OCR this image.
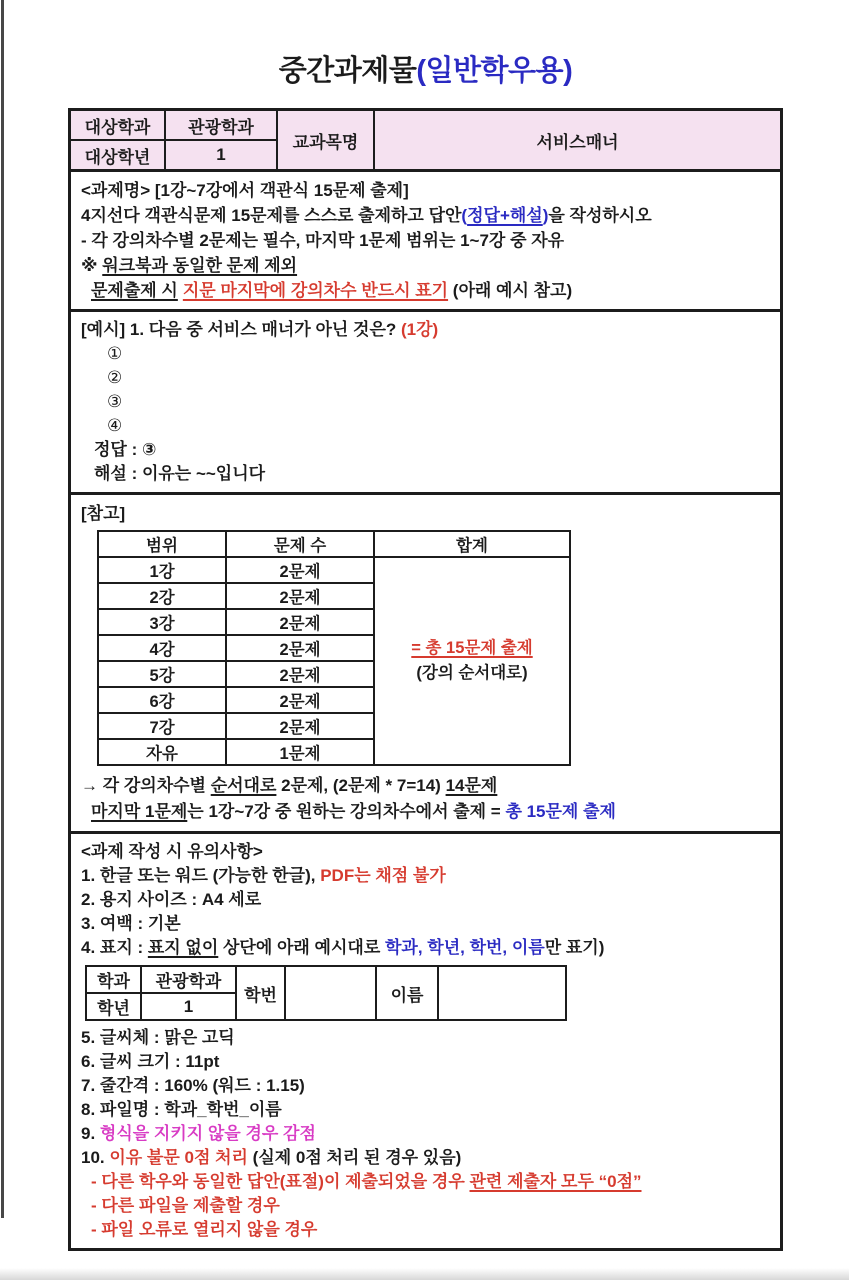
중간과제물(일반학우용)
대상학과	관광학과	교과목명	서비스매너
대상학년	1		
<과제명> [1강~7강에서 객관식 15문제 출제]
4지선다 객관식문제 15문제를 스스로 출제하고 답안(정답+해설)을 작성하시오
- 각 강의차수별 2문제는 필수, 마지막 1문제 범위는 1~7강 중 자유
※ 워크북과 동일한 문제 제외
문제출제 시 지문 마지막에 강의차수 반드시 표기 (아래 예시 참고)
[예시] 1. 다음 중 서비스 매너가 아닌 것은? (1강)
①
②
③
④
정답 : ③
해설 : 이유는 ~~입니다
[참고]
범위	문제 수	합계
1강	2문제	= 총 15문제 출제
(강의 순서대로)

2강	2문제	
3강	2문제	
4강	2문제	
5강	2문제	
6강	2문제	
7강	2문제	
자유	1문제	
→ 각 강의차수별 순서대로 2문제, (2문제 * 7=14) 14문제
마지막 1문제는 1강~7강 중 원하는 강의차수에서 출제 = 총 15문제 출제
<과제 작성 시 유의사항>
1. 한글 또는 워드 (가능한 한글), PDF는 채점 불가
2. 용지 사이즈 : A4 세로
3. 여백 : 기본
4. 표지 : 표지 없이 상단에 아래 예시대로 학과, 학년, 학번, 이름만 표기)
학과	관광학과	학번		이름	
학년	1				
5. 글씨체 : 맑은 고딕
6. 글씨 크기 : 11pt
7. 줄간격 : 160% (워드 : 1.15)
8. 파일명 : 학과_학번_이름
9. 형식을 지키지 않을 경우 감점
10. 이유 불문 0점 처리 (실제 0점 처리 된 경우 있음)
- 다른 학우와 동일한 답안(표절)이 제출되었을 경우 관련 제출자 모두 “0점”
- 다른 파일을 제출할 경우
- 파일 오류로 열리지 않을 경우
